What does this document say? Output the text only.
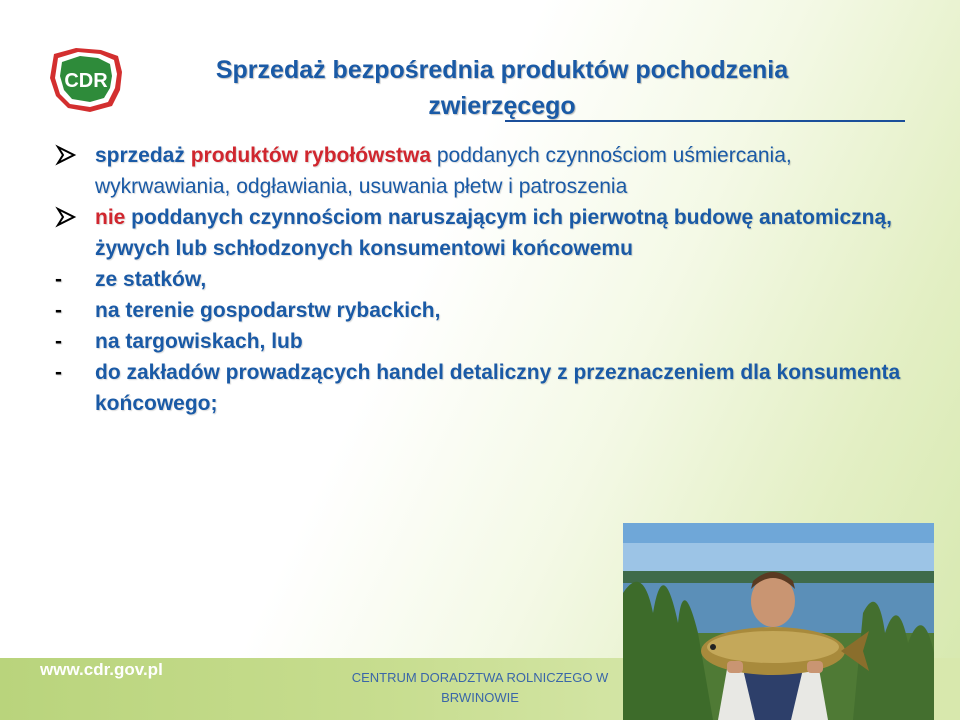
CDR	Sprzedaż bezpośrednia produktów pochodzenia
zwierzęcego
sprzedaż produktów rybołówstwa poddanych czynnościom uśmiercania, wykrwawiania, odgławiania, usuwania płetw i patroszenia
nie poddanych czynnościom naruszającym ich pierwotną budowę anatomiczną, żywych lub schłodzonych konsumentowi końcowemu
-	ze statków,
-	na terenie gospodarstw rybackich,
-	na targowiskach, lub
-	do zakładów prowadzących handel detaliczny z przeznaczeniem dla konsumenta końcowego;
www.cdr.gov.pl	CENTRUM DORADZTWA ROLNICZEGO W BRWINOWIE
